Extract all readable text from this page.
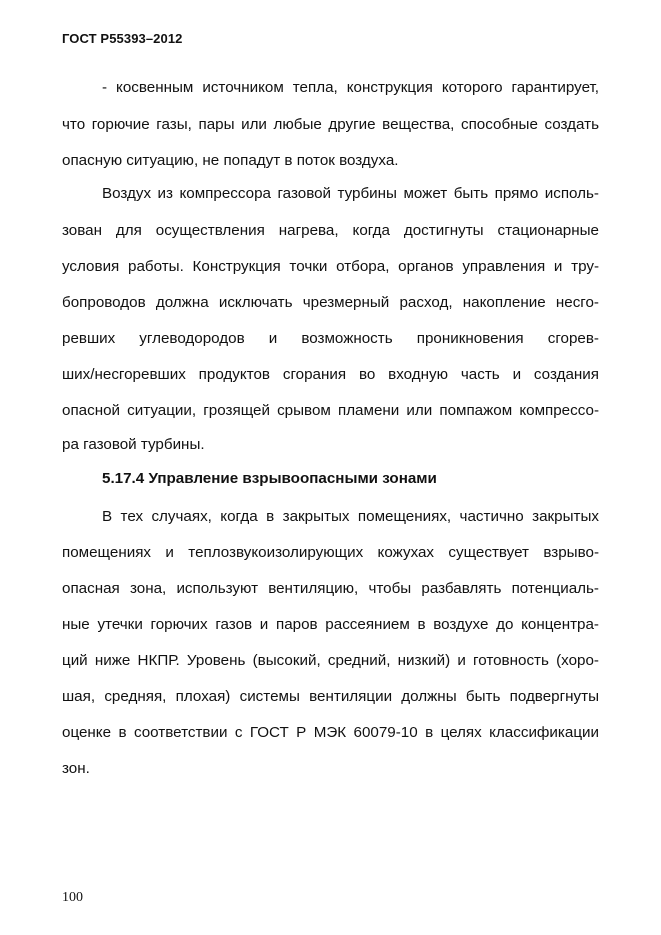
ГОСТ Р55393–2012
- косвенным источником тепла, конструкция которого гарантирует,
что горючие газы, пары или любые другие вещества, способные создать
опасную ситуацию, не попадут в поток воздуха.
Воздух из компрессора газовой турбины может быть прямо исполь-
зован для осуществления нагрева, когда достигнуты стационарные
условия работы. Конструкция точки отбора, органов управления и тру-
бопроводов должна исключать чрезмерный расход, накопление несго-
ревших углеводородов и возможность проникновения сгорев-
ших/несгоревших продуктов сгорания во входную часть и создания
опасной ситуации, грозящей срывом пламени или помпажом компрессо-
ра газовой турбины.
5.17.4 Управление взрывоопасными зонами
В тех случаях, когда в закрытых помещениях, частично закрытых
помещениях и теплозвукоизолирующих кожухах существует взрыво-
опасная зона, используют вентиляцию, чтобы разбавлять потенциаль-
ные утечки горючих газов и паров рассеянием в воздухе до концентра-
ций ниже НКПР. Уровень (высокий, средний, низкий) и готовность (хоро-
шая, средняя, плохая) системы вентиляции должны быть подвергнуты
оценке в соответствии с ГОСТ Р МЭК 60079-10 в целях классификации
зон.
100
